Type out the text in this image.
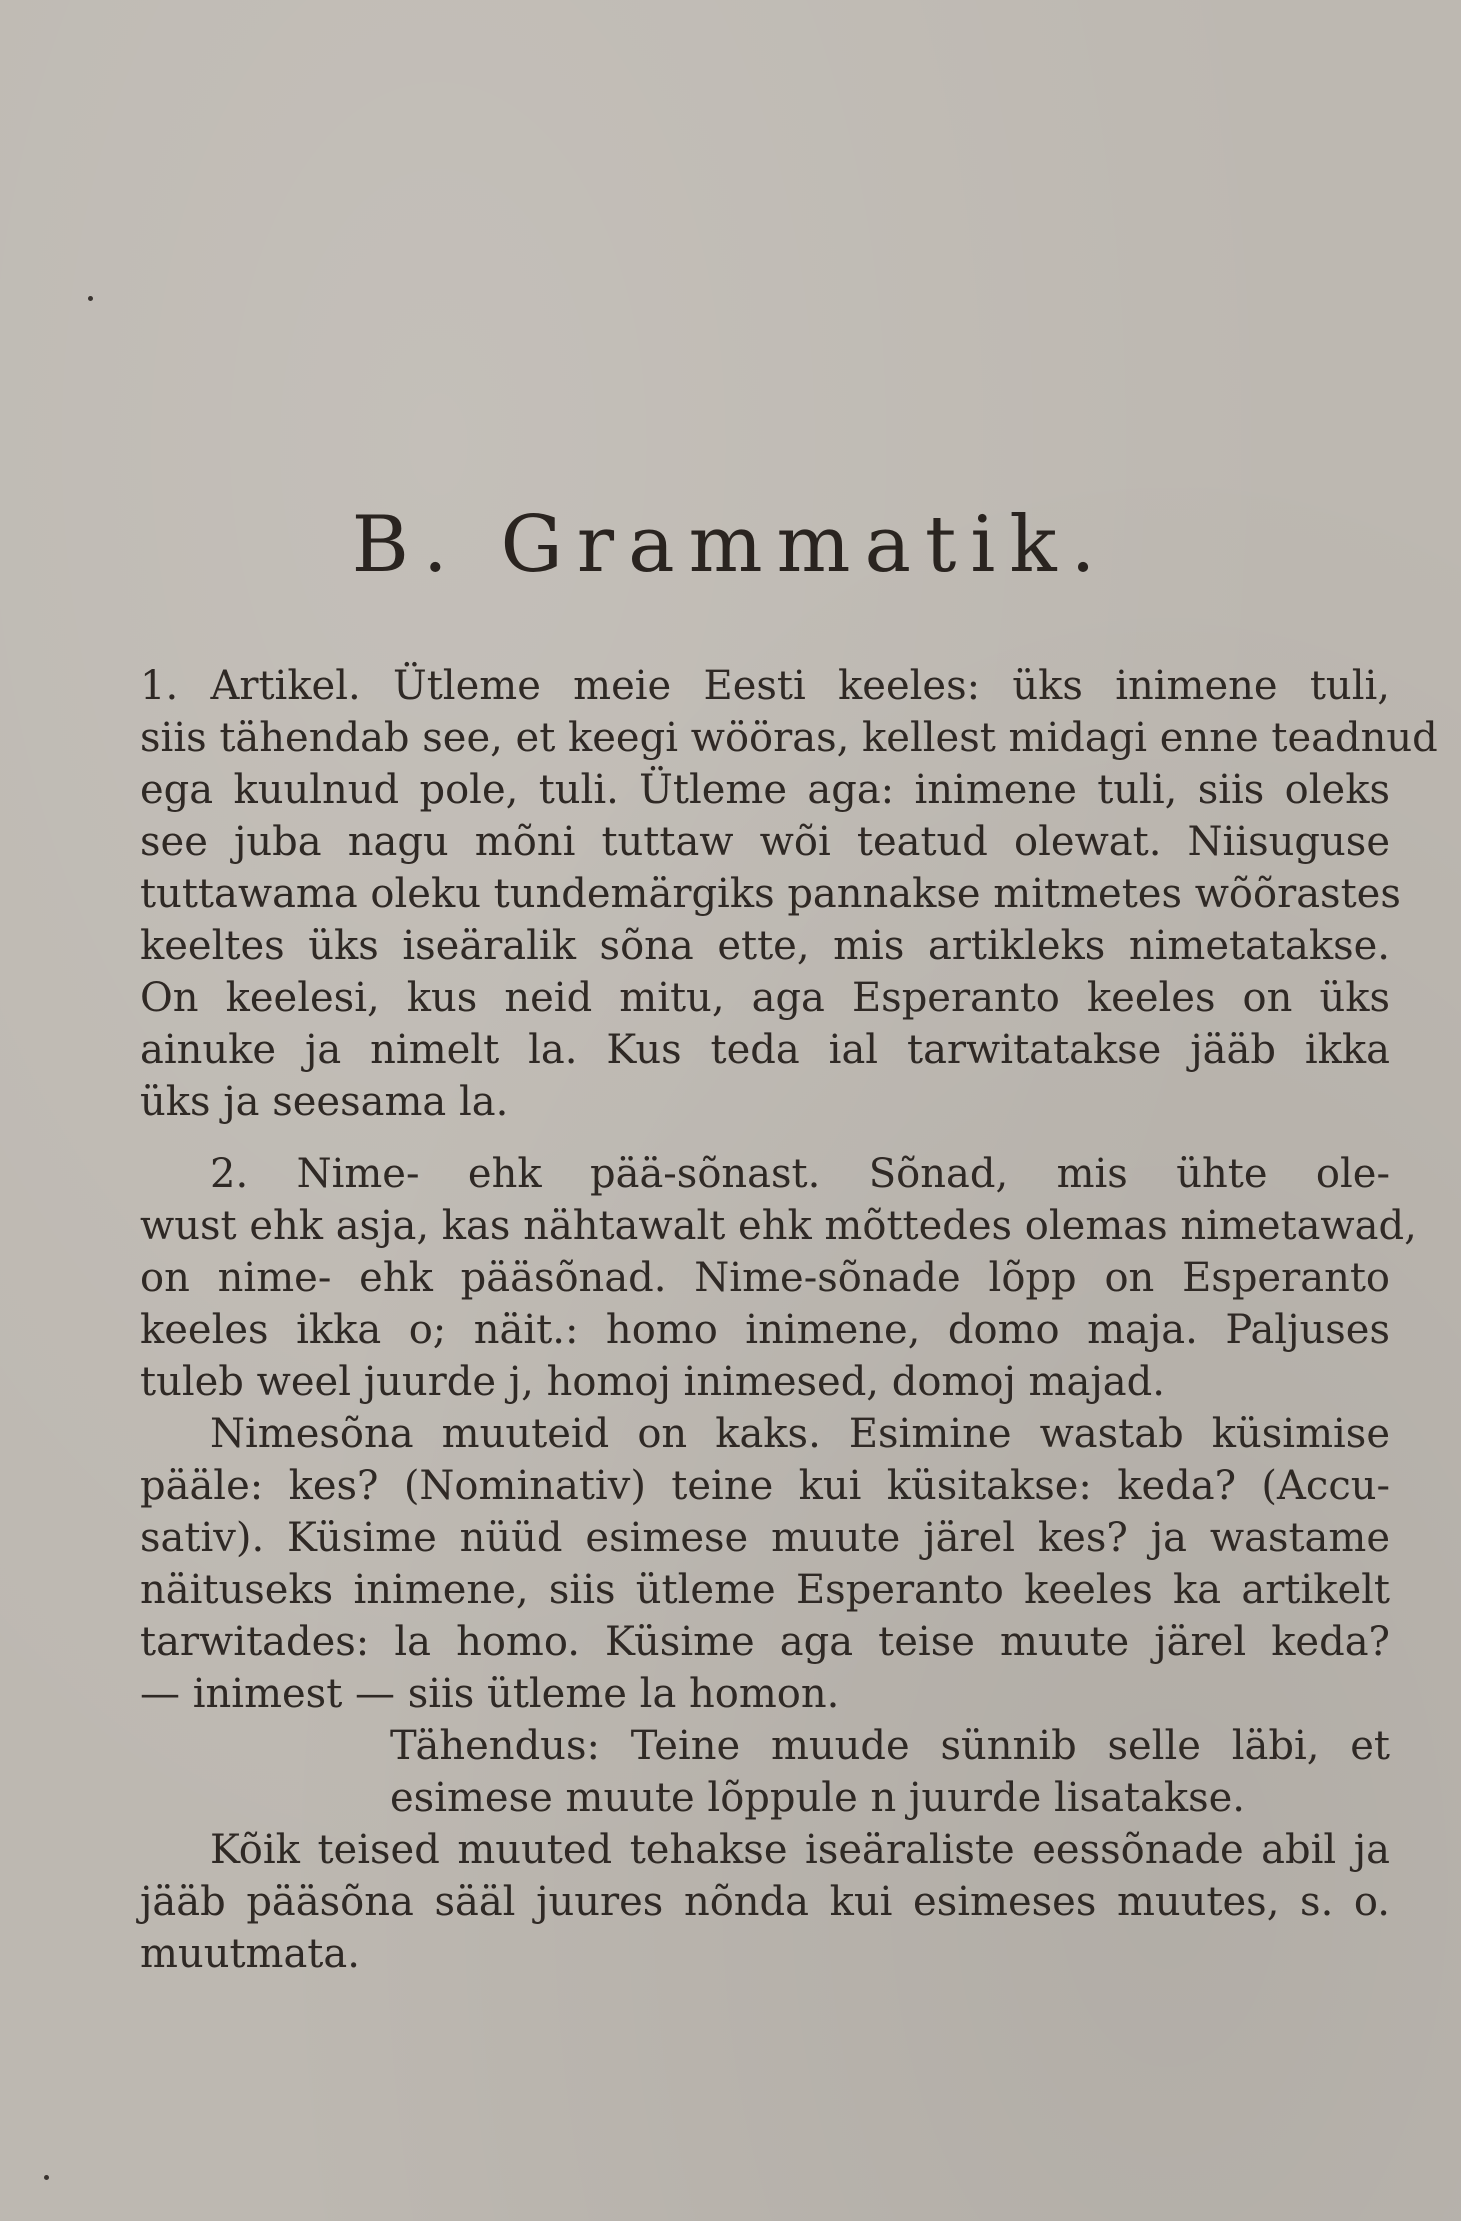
B. Grammatik.
1. Artikel. Ütleme meie Eesti keeles: üks inimene tuli,
siis tähendab see, et keegi wööras, kellest midagi enne teadnud
ega kuulnud pole, tuli. Ütleme aga: inimene tuli, siis oleks
see juba nagu mõni tuttaw wõi teatud olewat. Niisuguse
tuttawama oleku tundemärgiks pannakse mitmetes wõõrastes
keeltes üks iseäralik sõna ette, mis artikleks nimetatakse.
On keelesi, kus neid mitu, aga Esperanto keeles on üks
ainuke ja nimelt la. Kus teda ial tarwitatakse jääb ikka
üks ja seesama la.
2. Nime- ehk pää-sõnast. Sõnad, mis ühte ole-
wust ehk asja, kas nähtawalt ehk mõttedes olemas nimetawad,
on nime- ehk pääsõnad. Nime-sõnade lõpp on Esperanto
keeles ikka o; näit.: homo inimene, domo maja. Paljuses
tuleb weel juurde j, homoj inimesed, domoj majad.
Nimesõna muuteid on kaks. Esimine wastab küsimise
pääle: kes? (Nominativ) teine kui küsitakse: keda? (Accu-
sativ). Küsime nüüd esimese muute järel kes? ja wastame
näituseks inimene, siis ütleme Esperanto keeles ka artikelt
tarwitades: la homo. Küsime aga teise muute järel keda?
— inimest — siis ütleme la homon.
Tähendus: Teine muude sünnib selle läbi, et
esimese muute lõppule n juurde lisatakse.
Kõik teised muuted tehakse iseäraliste eessõnade abil ja
jääb pääsõna sääl juures nõnda kui esimeses muutes, s. o.
muutmata.
